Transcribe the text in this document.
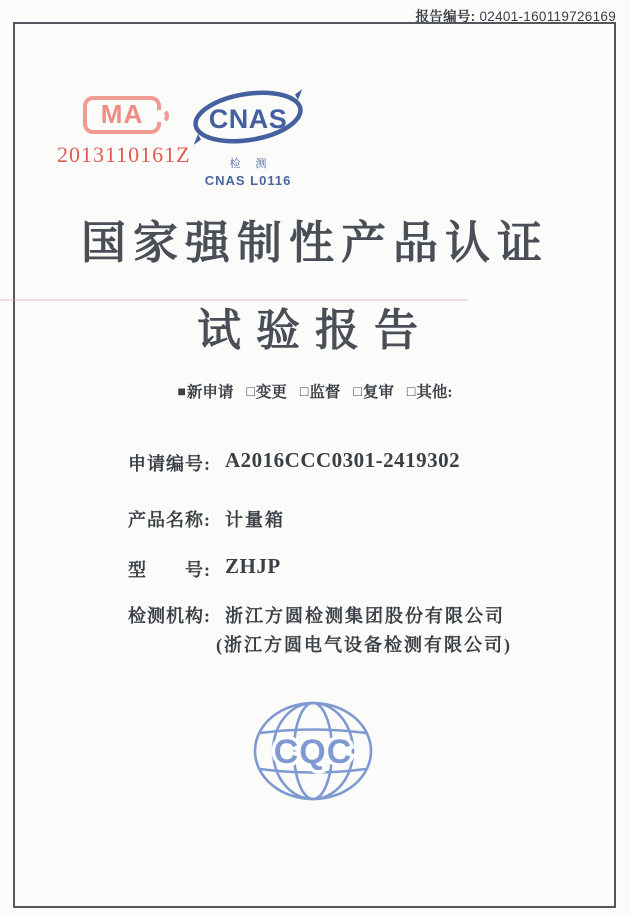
报告编号: 02401-160119726169
MA
2013110161Z
CNAS
检 测
CNAS L0116
国家强制性产品认证
试验报告
■新申请 □变更 □监督 □复审 □其他:
申请编号: A2016CCC0301-2419302
产品名称: 计量箱
型　　号: ZHJP
检测机构: 浙江方圆检测集团股份有限公司
(浙江方圆电气设备检测有限公司)
CQC
